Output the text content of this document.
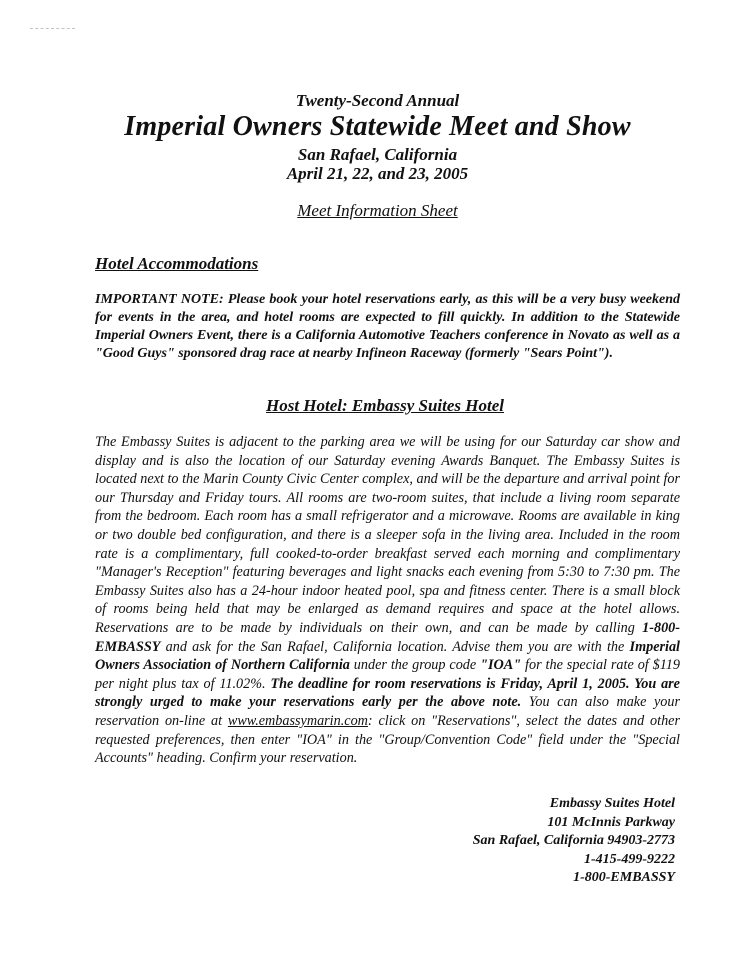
Twenty-Second Annual
Imperial Owners Statewide Meet and Show
San Rafael, California
April 21, 22, and 23, 2005
Meet Information Sheet
Hotel Accommodations
IMPORTANT NOTE: Please book your hotel reservations early, as this will be a very busy weekend for events in the area, and hotel rooms are expected to fill quickly. In addition to the Statewide Imperial Owners Event, there is a California Automotive Teachers conference in Novato as well as a "Good Guys" sponsored drag race at nearby Infineon Raceway (formerly "Sears Point").
Host Hotel: Embassy Suites Hotel
The Embassy Suites is adjacent to the parking area we will be using for our Saturday car show and display and is also the location of our Saturday evening Awards Banquet. The Embassy Suites is located next to the Marin County Civic Center complex, and will be the departure and arrival point for our Thursday and Friday tours. All rooms are two-room suites, that include a living room separate from the bedroom. Each room has a small refrigerator and a microwave. Rooms are available in king or two double bed configuration, and there is a sleeper sofa in the living area. Included in the room rate is a complimentary, full cooked-to-order breakfast served each morning and complimentary "Manager's Reception" featuring beverages and light snacks each evening from 5:30 to 7:30 pm. The Embassy Suites also has a 24-hour indoor heated pool, spa and fitness center. There is a small block of rooms being held that may be enlarged as demand requires and space at the hotel allows. Reservations are to be made by individuals on their own, and can be made by calling 1-800-EMBASSY and ask for the San Rafael, California location. Advise them you are with the Imperial Owners Association of Northern California under the group code "IOA" for the special rate of $119 per night plus tax of 11.02%. The deadline for room reservations is Friday, April 1, 2005. You are strongly urged to make your reservations early per the above note. You can also make your reservation on-line at www.embassymarin.com: click on "Reservations", select the dates and other requested preferences, then enter "IOA" in the "Group/Convention Code" field under the "Special Accounts" heading. Confirm your reservation.
Embassy Suites Hotel
101 McInnis Parkway
San Rafael, California 94903-2773
1-415-499-9222
1-800-EMBASSY
